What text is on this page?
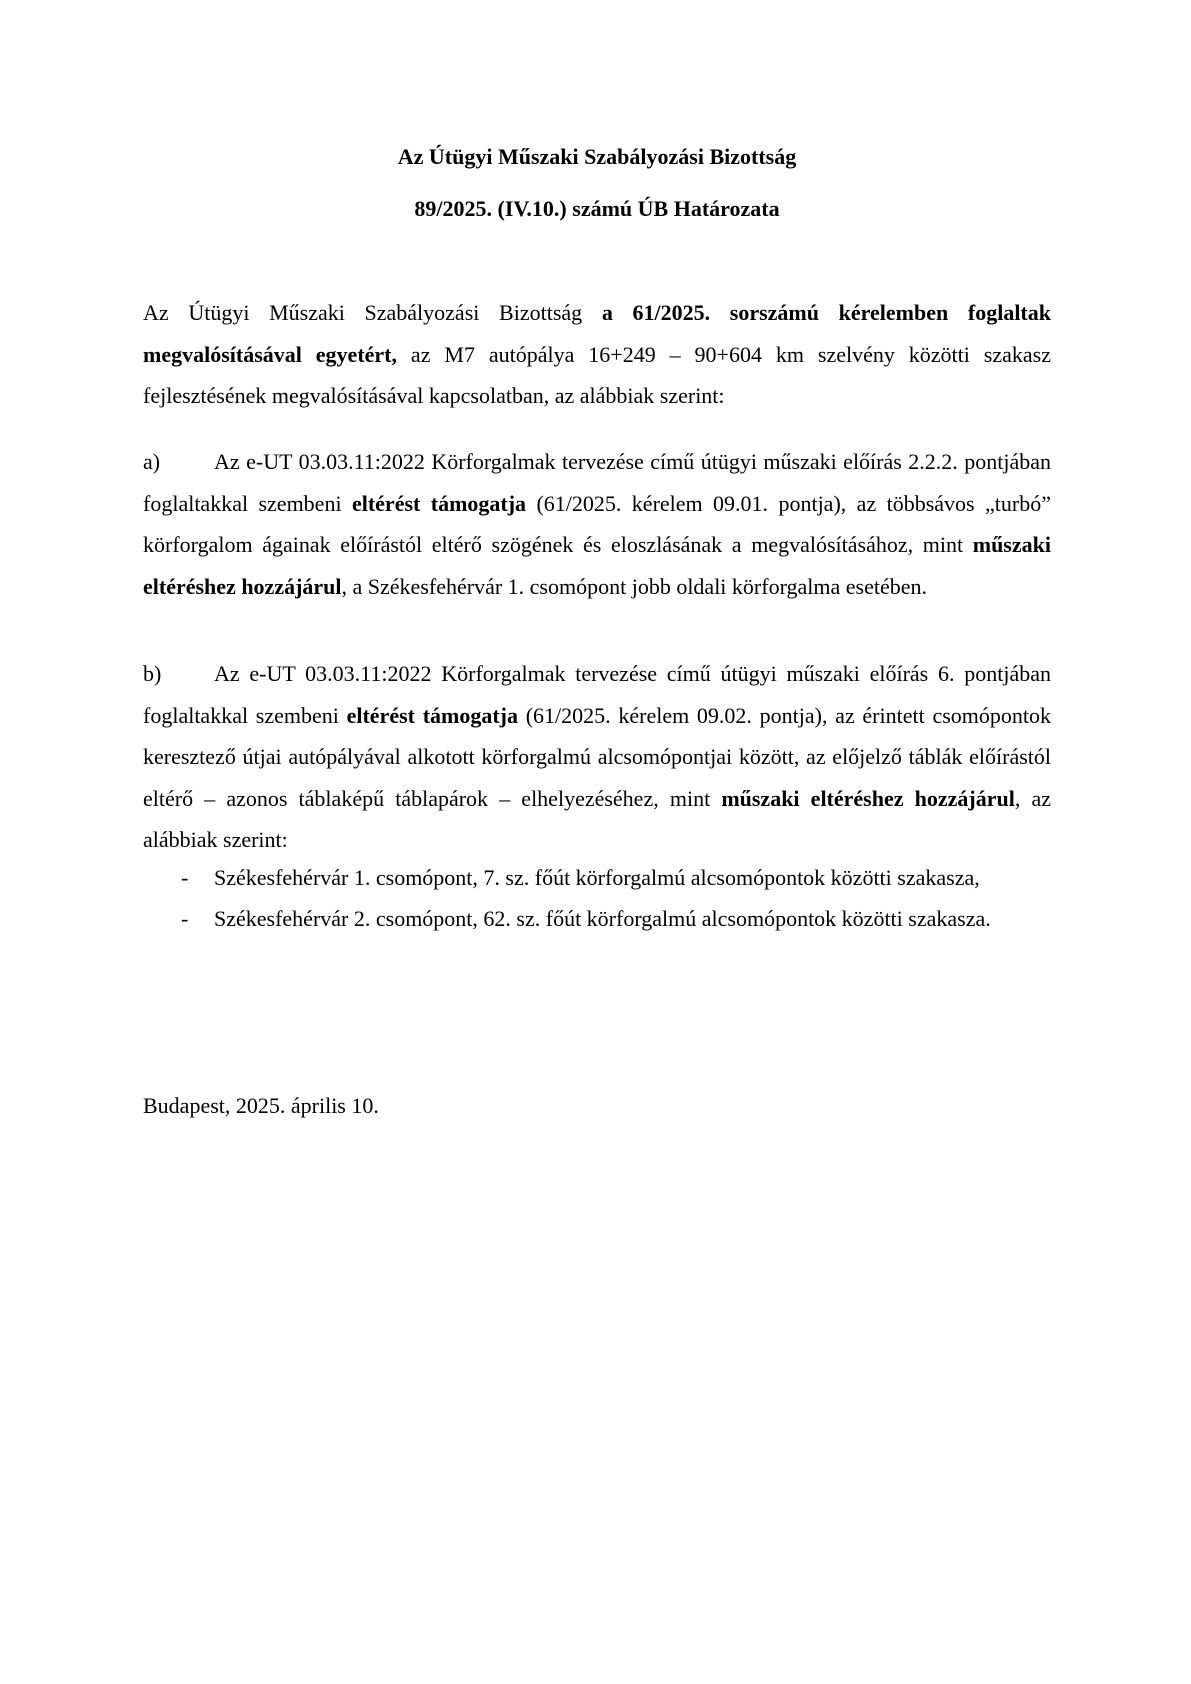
Az Útügyi Műszaki Szabályozási Bizottság
89/2025. (IV.10.) számú ÚB Határozata

Az Útügyi Műszaki Szabályozási Bizottság a 61/2025. sorszámú kérelemben foglaltak megvalósításával egyetért, az M7 autópálya 16+249 – 90+604 km szelvény közötti szakasz fejlesztésének megvalósításával kapcsolatban, az alábbiak szerint:

a) Az e-UT 03.03.11:2022 Körforgalmak tervezése című útügyi műszaki előírás 2.2.2. pontjában foglaltakkal szembeni eltérést támogatja (61/2025. kérelem 09.01. pontja), az többsávos „turbó” körforgalom ágainak előírástól eltérő szögének és eloszlásának a megvalósításához, mint műszaki eltéréshez hozzájárul, a Székesfehérvár 1. csomópont jobb oldali körforgalma esetében.

b) Az e-UT 03.03.11:2022 Körforgalmak tervezése című útügyi műszaki előírás 6. pontjában foglaltakkal szembeni eltérést támogatja (61/2025. kérelem 09.02. pontja), az érintett csomópontok keresztező útjai autópályával alkotott körforgalmú alcsomópontjai között, az előjelző táblák előírástól eltérő – azonos táblaképű táblapárok – elhelyezéséhez, mint műszaki eltéréshez hozzájárul, az alábbiak szerint:

- Székesfehérvár 1. csomópont, 7. sz. főút körforgalmú alcsomópontok közötti szakasza,
- Székesfehérvár 2. csomópont, 62. sz. főút körforgalmú alcsomópontok közötti szakasza.
Budapest, 2025. április 10.
